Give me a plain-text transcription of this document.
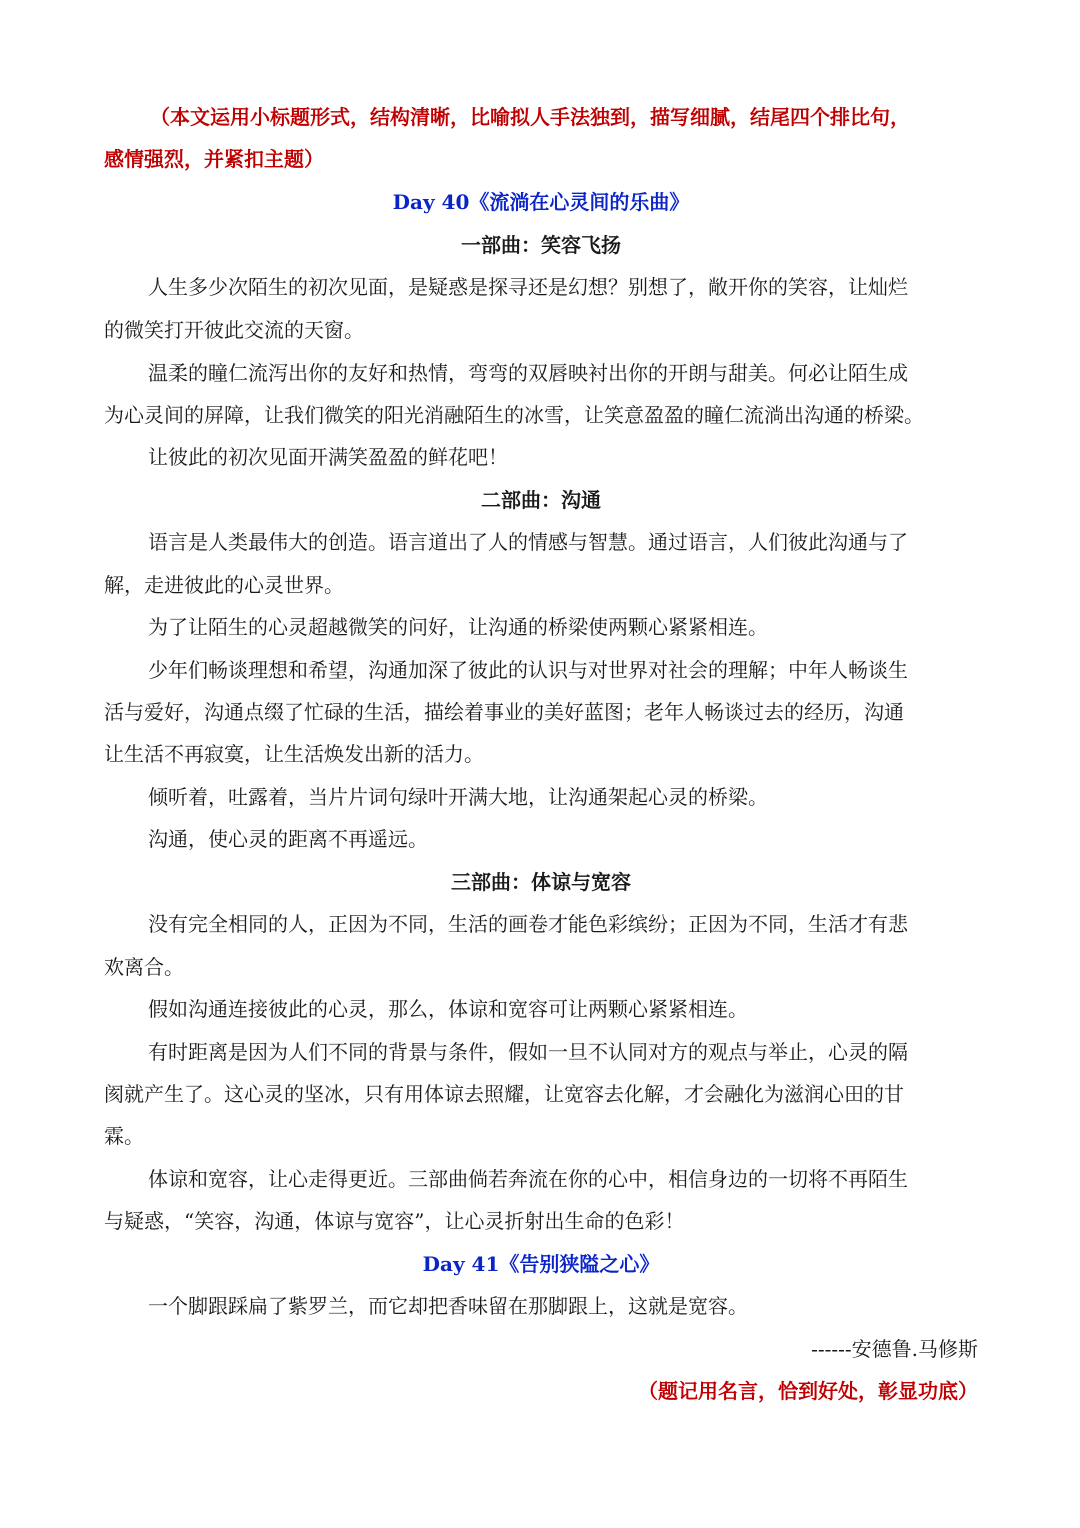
（本文运用小标题形式，结构清晰，比喻拟人手法独到，描写细腻，结尾四个排比句，
感情强烈，并紧扣主题）
Day 40《流淌在心灵间的乐曲》
一部曲：笑容飞扬
人生多少次陌生的初次见面，是疑惑是探寻还是幻想？别想了，敞开你的笑容，让灿烂
的微笑打开彼此交流的天窗。
温柔的瞳仁流泻出你的友好和热情，弯弯的双唇映衬出你的开朗与甜美。何必让陌生成
为心灵间的屏障，让我们微笑的阳光消融陌生的冰雪，让笑意盈盈的瞳仁流淌出沟通的桥梁。
让彼此的初次见面开满笑盈盈的鲜花吧！
二部曲：沟通
语言是人类最伟大的创造。语言道出了人的情感与智慧。通过语言，人们彼此沟通与了
解，走进彼此的心灵世界。
为了让陌生的心灵超越微笑的问好，让沟通的桥梁使两颗心紧紧相连。
少年们畅谈理想和希望，沟通加深了彼此的认识与对世界对社会的理解；中年人畅谈生
活与爱好，沟通点缀了忙碌的生活，描绘着事业的美好蓝图；老年人畅谈过去的经历，沟通
让生活不再寂寞，让生活焕发出新的活力。
倾听着，吐露着，当片片词句绿叶开满大地，让沟通架起心灵的桥梁。
沟通，使心灵的距离不再遥远。
三部曲：体谅与宽容
没有完全相同的人，正因为不同，生活的画卷才能色彩缤纷；正因为不同，生活才有悲
欢离合。
假如沟通连接彼此的心灵，那么，体谅和宽容可让两颗心紧紧相连。
有时距离是因为人们不同的背景与条件，假如一旦不认同对方的观点与举止，心灵的隔
阂就产生了。这心灵的坚冰，只有用体谅去照耀，让宽容去化解，才会融化为滋润心田的甘
霖。
体谅和宽容，让心走得更近。三部曲倘若奔流在你的心中，相信身边的一切将不再陌生
与疑惑，“笑容，沟通，体谅与宽容”，让心灵折射出生命的色彩！
Day 41《告别狭隘之心》
一个脚跟踩扁了紫罗兰，而它却把香味留在那脚跟上，这就是宽容。
------安德鲁.马修斯
（题记用名言，恰到好处，彰显功底）
